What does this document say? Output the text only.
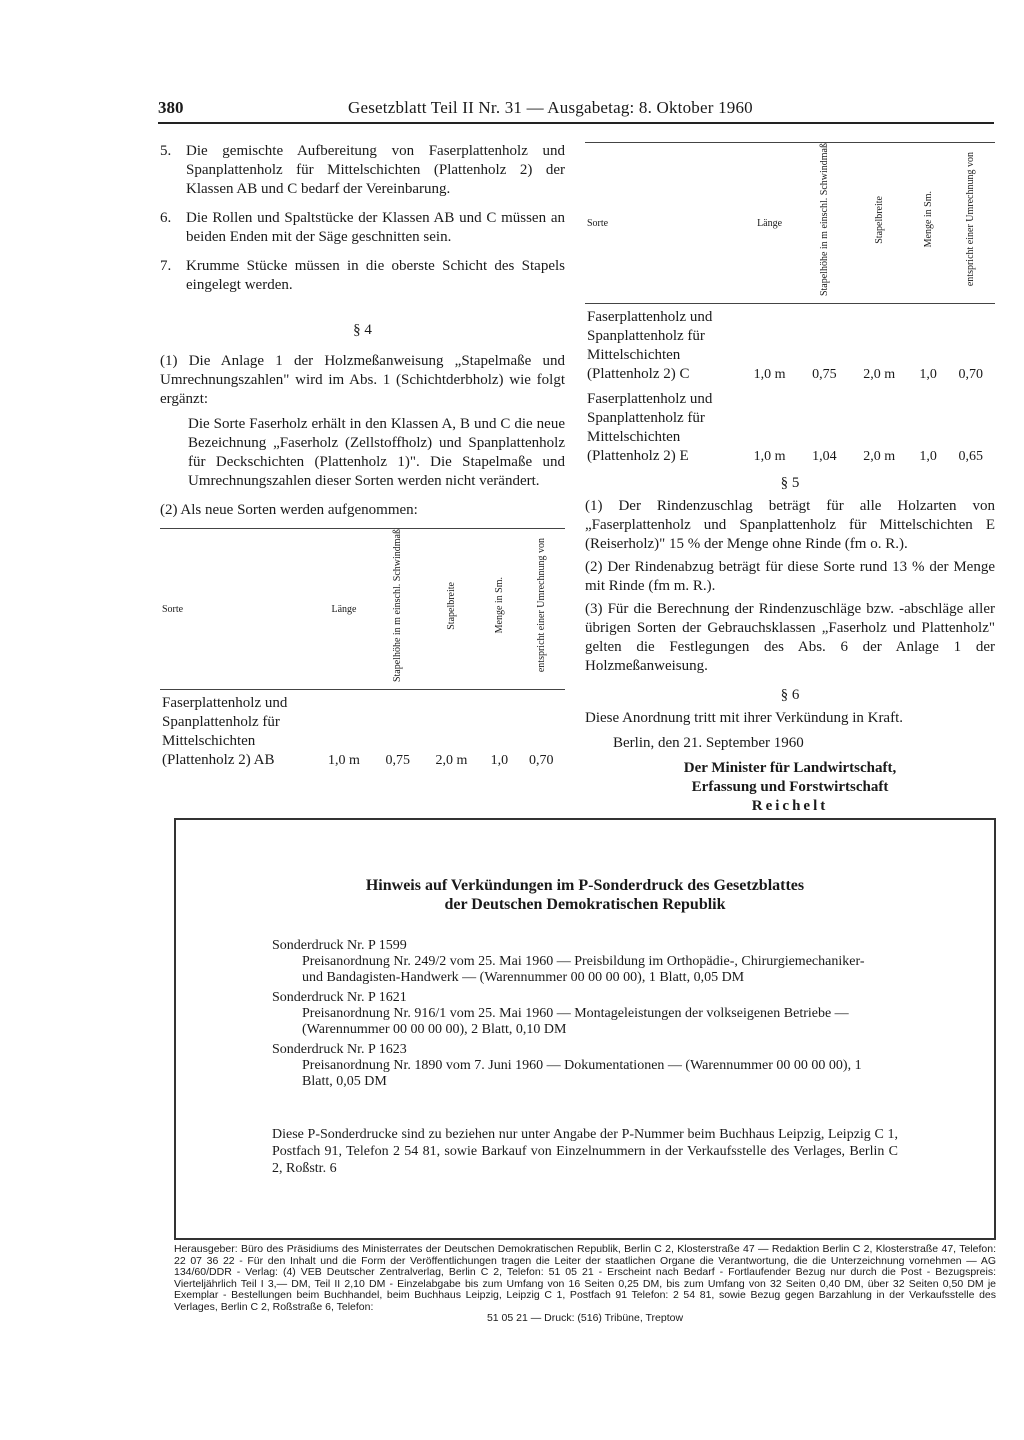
380	Gesetzblatt Teil II Nr. 31 — Ausgabetag: 8. Oktober 1960
5. Die gemischte Aufbereitung von Faserplattenholz und Spanplattenholz für Mittelschichten (Plattenholz 2) der Klassen AB und C bedarf der Vereinbarung.
6. Die Rollen und Spaltstücke der Klassen AB und C müssen an beiden Enden mit der Säge geschnitten sein.
7. Krumme Stücke müssen in die oberste Schicht des Stapels eingelegt werden.
§ 4

(1) Die Anlage 1 der Holzmeßanweisung „Stapelmaße und Umrechnungszahlen" wird im Abs. 1 (Schichtderbholz) wie folgt ergänzt:

Die Sorte Faserholz erhält in den Klassen A, B und C die neue Bezeichnung „Faserholz (Zellstoffholz) und Spanplattenholz für Deckschichten (Plattenholz 1)". Die Stapelmaße und Umrechnungszahlen dieser Sorten werden nicht verändert.

(2) Als neue Sorten werden aufgenommen:

Sorte	Länge	Stapelhöhe in m einschl. Schwindmaß	Stapelbreite	Menge in Sm.	entspricht einer Umrechnung von
Faserplattenholz und Spanplattenholz für Mittelschichten (Plattenholz 2) AB	1,0 m	0,75	2,0 m	1,0	0,70
Sorte	Länge	Stapelhöhe in m einschl. Schwindmaß	Stapelbreite	Menge in Sm.	entspricht einer Umrechnung von
Faserplattenholz und Spanplattenholz für Mittelschichten (Plattenholz 2) C	1,0 m	0,75	2,0 m	1,0	0,70
Faserplattenholz und Spanplattenholz für Mittelschichten (Plattenholz 2) E	1,0 m	1,04	2,0 m	1,0	0,65
§ 5

(1) Der Rindenzuschlag beträgt für alle Holzarten von „Faserplattenholz und Spanplattenholz für Mittelschichten E (Reiserholz)" 15 % der Menge ohne Rinde (fm o. R.).

(2) Der Rindenabzug beträgt für diese Sorte rund 13 % der Menge mit Rinde (fm m. R.).

(3) Für die Berechnung der Rindenzuschläge bzw. -abschläge aller übrigen Sorten der Gebrauchsklassen „Faserholz und Plattenholz" gelten die Festlegungen des Abs. 6 der Anlage 1 der Holzmeßanweisung.

§ 6

Diese Anordnung tritt mit ihrer Verkündung in Kraft.

Berlin, den 21. September 1960

Der Minister für Landwirtschaft,
Erfassung und Forstwirtschaft
Reichelt
Hinweis auf Verkündungen im P-Sonderdruck des Gesetzblattes
der Deutschen Demokratischen Republik
Sonderdruck Nr. P 1599
Preisanordnung Nr. 249/2 vom 25. Mai 1960 — Preisbildung im Orthopädie-, Chirurgiemechaniker- und Bandagisten-Handwerk — (Warennummer 00 00 00 00), 1 Blatt, 0,05 DM
Sonderdruck Nr. P 1621
Preisanordnung Nr. 916/1 vom 25. Mai 1960 — Montageleistungen der volkseigenen Betriebe — (Warennummer 00 00 00 00), 2 Blatt, 0,10 DM
Sonderdruck Nr. P 1623
Preisanordnung Nr. 1890 vom 7. Juni 1960 — Dokumentationen — (Warennummer 00 00 00 00), 1 Blatt, 0,05 DM
Diese P-Sonderdrucke sind zu beziehen nur unter Angabe der P-Nummer beim Buchhaus Leipzig, Leipzig C 1, Postfach 91, Telefon 2 54 81, sowie Barkauf von Einzelnummern in der Verkaufsstelle des Verlages, Berlin C 2, Roßstr. 6
Herausgeber: Büro des Präsidiums des Ministerrates der Deutschen Demokratischen Republik, Berlin C 2, Klosterstraße 47 — Redaktion Berlin C 2, Klosterstraße 47, Telefon: 22 07 36 22 - Für den Inhalt und die Form der Veröffentlichungen tragen die Leiter der staatlichen Organe die Verantwortung, die die Unterzeichnung vornehmen — AG 134/60/DDR - Verlag: (4) VEB Deutscher Zentralverlag, Berlin C 2, Telefon: 51 05 21 - Erscheint nach Bedarf - Fortlaufender Bezug nur durch die Post - Bezugspreis: Vierteljährlich Teil I 3,— DM, Teil II 2,10 DM - Einzelabgabe bis zum Umfang von 16 Seiten 0,25 DM, bis zum Umfang von 32 Seiten 0,40 DM, über 32 Seiten 0,50 DM je Exemplar - Bestellungen beim Buchhandel, beim Buchhaus Leipzig, Leipzig C 1, Postfach 91 Telefon: 2 54 81, sowie Bezug gegen Barzahlung in der Verkaufsstelle des Verlages, Berlin C 2, Roßstraße 6, Telefon:
51 05 21 — Druck: (516) Tribüne, Treptow
